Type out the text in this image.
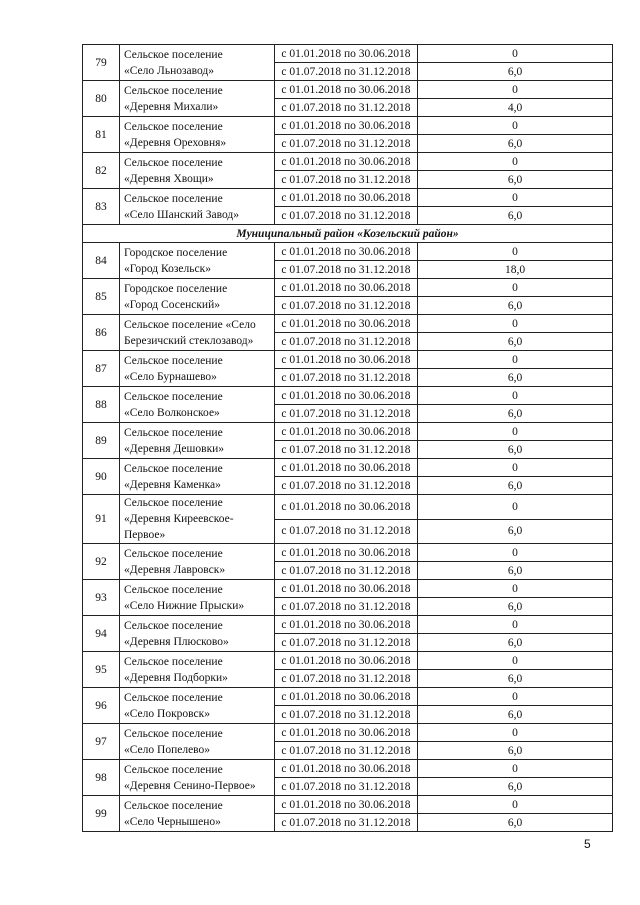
79	Сельское поселение
«Село Льнозавод»	с 01.01.2018 по 30.06.2018	0
		с 01.07.2018 по 31.12.2018	6,0
80	Сельское поселение
«Деревня Михали»	с 01.01.2018 по 30.06.2018	0
		с 01.07.2018 по 31.12.2018	4,0
81	Сельское поселение
«Деревня Ореховня»	с 01.01.2018 по 30.06.2018	0
		с 01.07.2018 по 31.12.2018	6,0
82	Сельское поселение
«Деревня Хвощи»	с 01.01.2018 по 30.06.2018	0
		с 01.07.2018 по 31.12.2018	6,0
83	Сельское поселение
«Село Шанский Завод»	с 01.01.2018 по 30.06.2018	0
		с 01.07.2018 по 31.12.2018	6,0
Муниципальный район «Козельский район»			
84	Городское поселение
«Город Козельск»	с 01.01.2018 по 30.06.2018	0
		с 01.07.2018 по 31.12.2018	18,0
85	Городское поселение
«Город Сосенский»	с 01.01.2018 по 30.06.2018	0
		с 01.07.2018 по 31.12.2018	6,0
86	Сельское поселение «Село
Березичский стеклозавод»	с 01.01.2018 по 30.06.2018	0
		с 01.07.2018 по 31.12.2018	6,0
87	Сельское поселение
«Село Бурнашево»	с 01.01.2018 по 30.06.2018	0
		с 01.07.2018 по 31.12.2018	6,0
88	Сельское поселение
«Село Волконское»	с 01.01.2018 по 30.06.2018	0
		с 01.07.2018 по 31.12.2018	6,0
89	Сельское поселение
«Деревня Дешовки»	с 01.01.2018 по 30.06.2018	0
		с 01.07.2018 по 31.12.2018	6,0
90	Сельское поселение
«Деревня Каменка»	с 01.01.2018 по 30.06.2018	0
		с 01.07.2018 по 31.12.2018	6,0
91	Сельское поселение
«Деревня Киреевское-
Первое»	с 01.01.2018 по 30.06.2018	0
		с 01.07.2018 по 31.12.2018	6,0
92	Сельское поселение
«Деревня Лавровск»	с 01.01.2018 по 30.06.2018	0
		с 01.07.2018 по 31.12.2018	6,0
93	Сельское поселение
«Село Нижние Прыски»	с 01.01.2018 по 30.06.2018	0
		с 01.07.2018 по 31.12.2018	6,0
94	Сельское поселение
«Деревня Плюсково»	с 01.01.2018 по 30.06.2018	0
		с 01.07.2018 по 31.12.2018	6,0
95	Сельское поселение
«Деревня Подборки»	с 01.01.2018 по 30.06.2018	0
		с 01.07.2018 по 31.12.2018	6,0
96	Сельское поселение
«Село Покровск»	с 01.01.2018 по 30.06.2018	0
		с 01.07.2018 по 31.12.2018	6,0
97	Сельское поселение
«Село Попелево»	с 01.01.2018 по 30.06.2018	0
		с 01.07.2018 по 31.12.2018	6,0
98	Сельское поселение
«Деревня Сенино-Первое»	с 01.01.2018 по 30.06.2018	0
		с 01.07.2018 по 31.12.2018	6,0
99	Сельское поселение
«Село Чернышено»	с 01.01.2018 по 30.06.2018	0
		с 01.07.2018 по 31.12.2018	6,0
5
